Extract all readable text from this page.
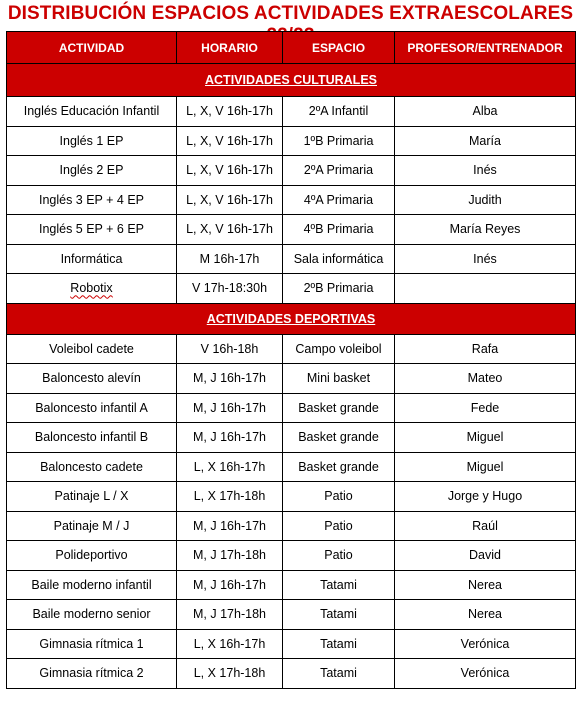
DISTRIBUCIÓN ESPACIOS ACTIVIDADES EXTRAESCOLARES
ACTIVIDAD	HORARIO	ESPACIO	PROFESOR/ENTRENADOR
ACTIVIDADES CULTURALES			
Inglés Educación Infantil	L, X, V 16h-17h	2ºA Infantil	Alba
Inglés 1 EP	L, X, V 16h-17h	1ºB Primaria	María
Inglés 2 EP	L, X, V 16h-17h	2ºA Primaria	Inés
Inglés 3 EP + 4 EP	L, X, V 16h-17h	4ºA Primaria	Judith
Inglés 5 EP + 6 EP	L, X, V 16h-17h	4ºB Primaria	María Reyes
Informática	M 16h-17h	Sala informática	Inés
Robotix	V 17h-18:30h	2ºB Primaria	
ACTIVIDADES DEPORTIVAS			
Voleibol cadete	V 16h-18h	Campo voleibol	Rafa
Baloncesto alevín	M, J 16h-17h	Mini basket	Mateo
Baloncesto infantil A	M, J 16h-17h	Basket grande	Fede
Baloncesto infantil B	M, J 16h-17h	Basket grande	Miguel
Baloncesto cadete	L, X 16h-17h	Basket grande	Miguel
Patinaje L / X	L, X 17h-18h	Patio	Jorge y Hugo
Patinaje M / J	M, J 16h-17h	Patio	Raúl
Polideportivo	M, J 17h-18h	Patio	David
Baile moderno infantil	M, J 16h-17h	Tatami	Nerea
Baile moderno senior	M, J 17h-18h	Tatami	Nerea
Gimnasia rítmica 1	L, X 16h-17h	Tatami	Verónica
Gimnasia rítmica 2	L, X 17h-18h	Tatami	Verónica
